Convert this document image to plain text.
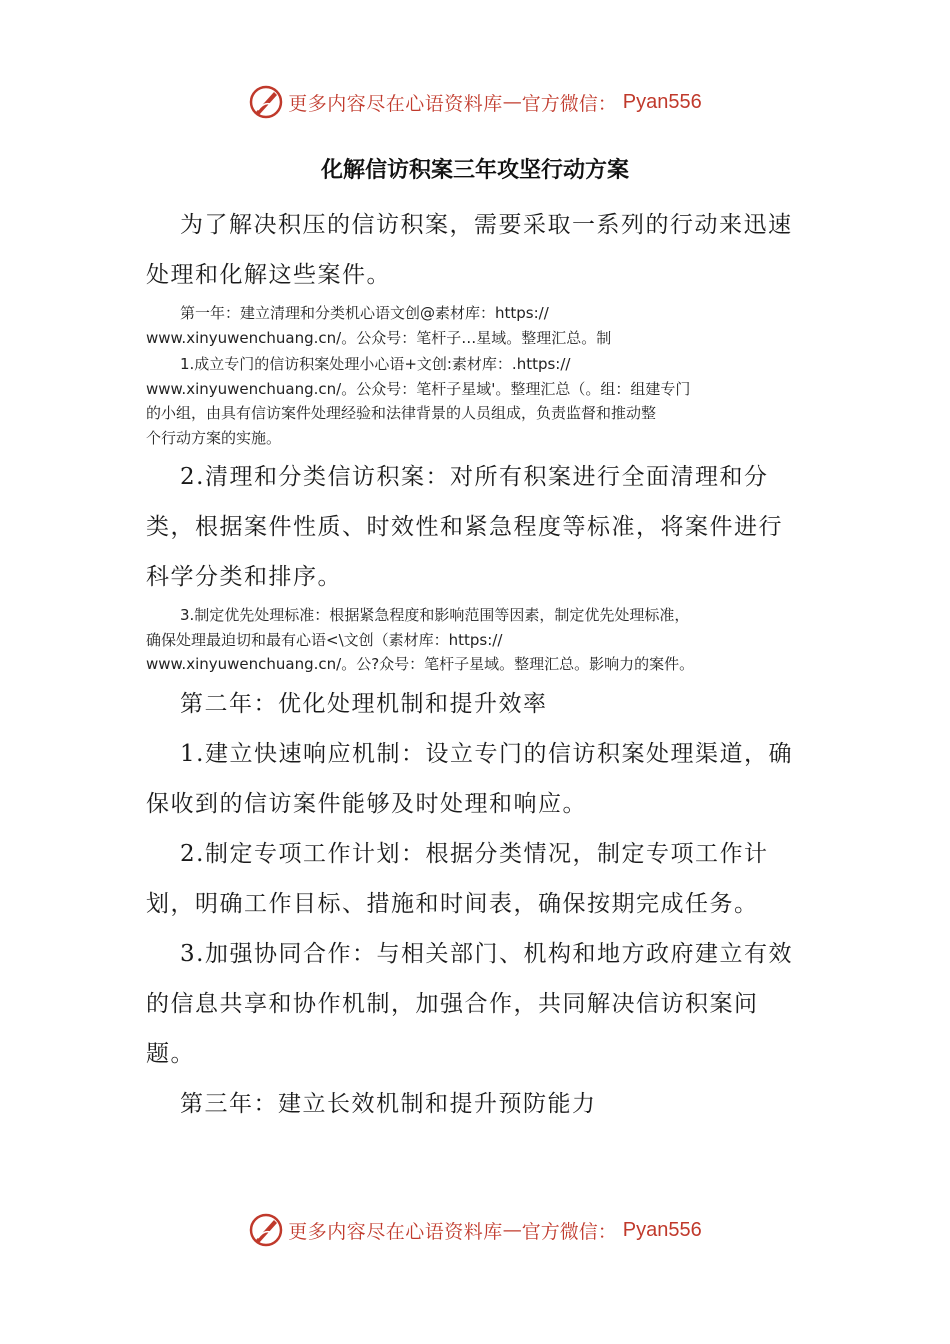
更多内容尽在心语资料库 — 官方微信： Pyan556
化解信访积案三年攻坚行动方案

为了解决积压的信访积案，需要采取一系列的行动来迅速处理和化解这些案件。

第一年：建立清理和分类机心语文创@素材库：https://
www.xinyuwenchuang.cn/。公众号：笔杆子…星域。整理汇总。制

1.成立专门的信访积案处理小心语+文创:素材库：.https://
www.xinyuwenchuang.cn/。公众号：笔杆子星域'。整理汇总（。组：组建专门
的小组，由具有信访案件处理经验和法律背景的人员组成，负责监督和推动整
个行动方案的实施。

2.清理和分类信访积案：对所有积案进行全面清理和分类，根据案件性质、时效性和紧急程度等标准，将案件进行科学分类和排序。

3.制定优先处理标准：根据紧急程度和影响范围等因素，制定优先处理标准，
确保处理最迫切和最有心语<\文创（素材库：https://
www.xinyuwenchuang.cn/。公?众号：笔杆子星域。整理汇总。影响力的案件。

第二年：优化处理机制和提升效率

1.建立快速响应机制：设立专门的信访积案处理渠道，确保收到的信访案件能够及时处理和响应。

2.制定专项工作计划：根据分类情况，制定专项工作计划，明确工作目标、措施和时间表，确保按期完成任务。

3.加强协同合作：与相关部门、机构和地方政府建立有效的信息共享和协作机制，加强合作，共同解决信访积案问题。

第三年：建立长效机制和提升预防能力

更多内容尽在心语资料库 — 官方微信： Pyan556
